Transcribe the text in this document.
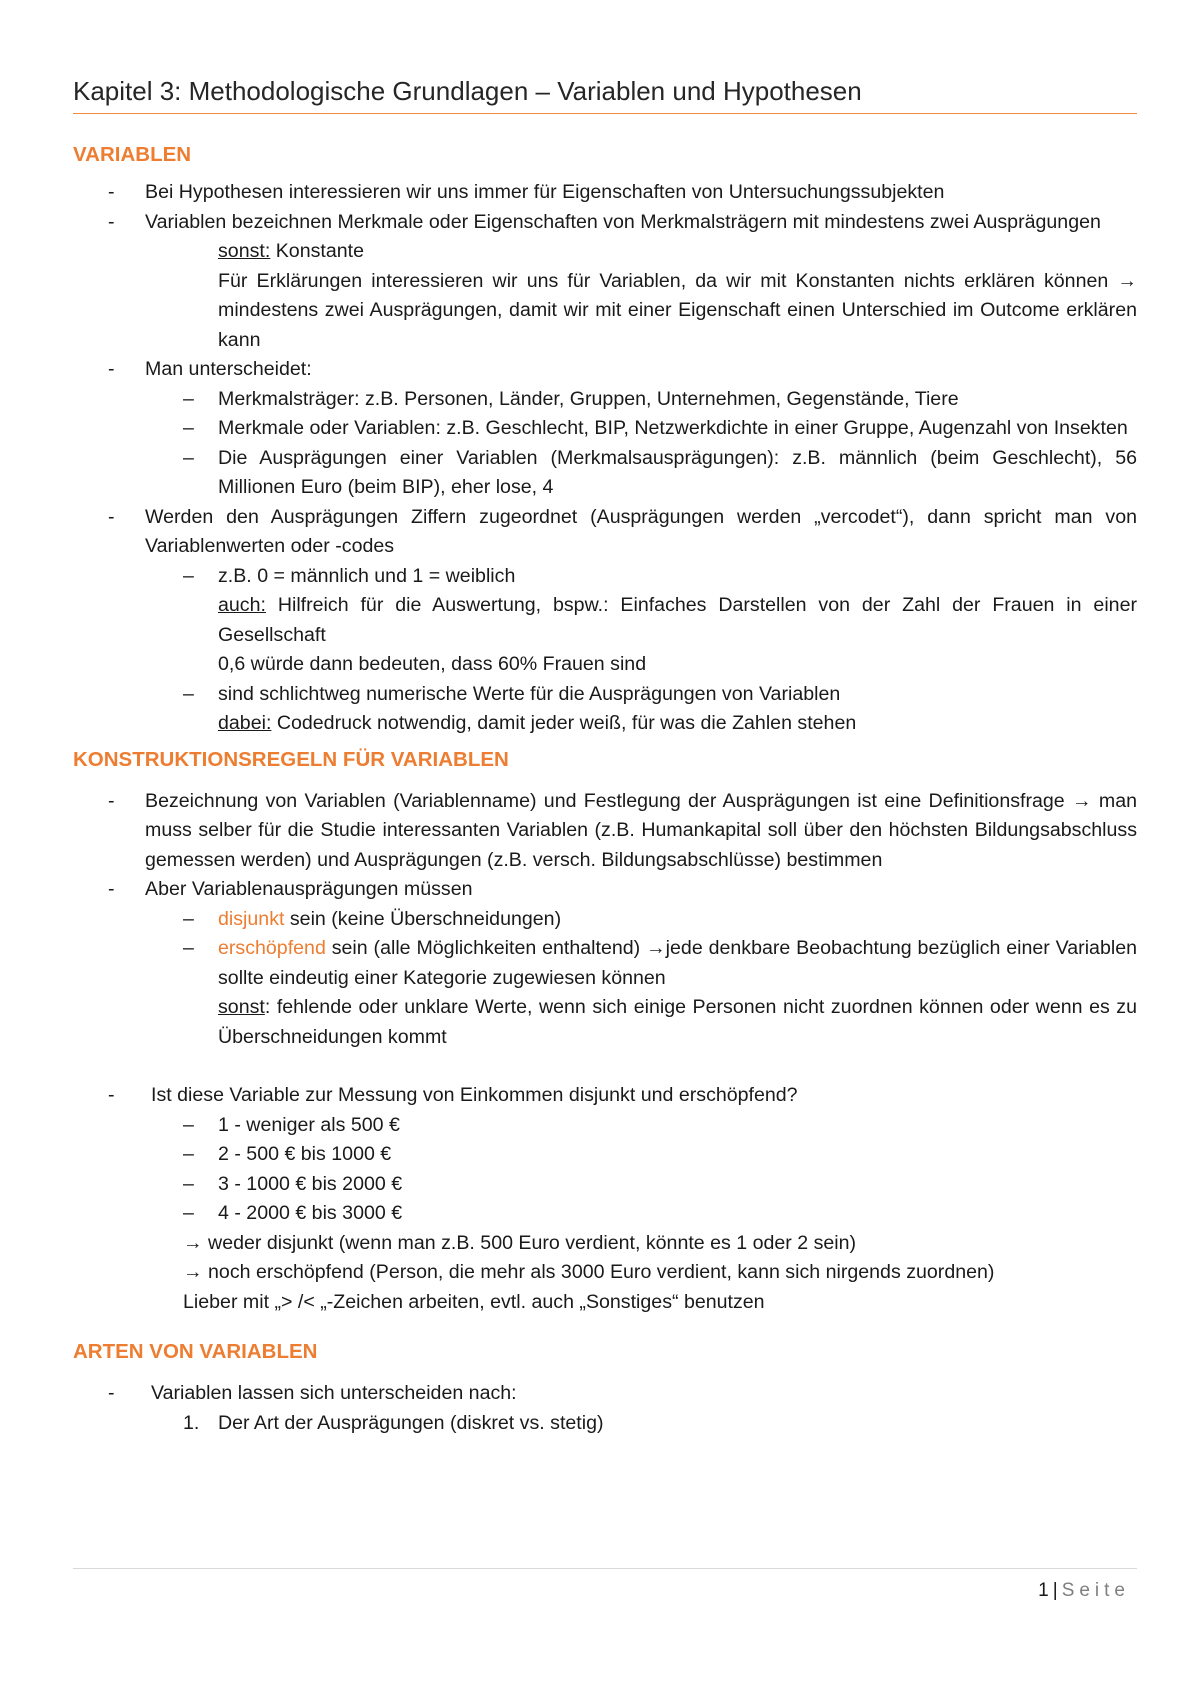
Kapitel 3: Methodologische Grundlagen – Variablen und Hypothesen
VARIABLEN
- Bei Hypothesen interessieren wir uns immer für Eigenschaften von Untersuchungssubjekten
- Variablen bezeichnen Merkmale oder Eigenschaften von Merkmalsträgern mit mindestens zwei Ausprägungen
sonst: Konstante
Für Erklärungen interessieren wir uns für Variablen, da wir mit Konstanten nichts erklären können → mindestens zwei Ausprägungen, damit wir mit einer Eigenschaft einen Unterschied im Outcome erklären kann
- Man unterscheidet:
– Merkmalsträger: z.B. Personen, Länder, Gruppen, Unternehmen, Gegenstände, Tiere
– Merkmale oder Variablen: z.B. Geschlecht, BIP, Netzwerkdichte in einer Gruppe, Augenzahl von Insekten
– Die Ausprägungen einer Variablen (Merkmalsausprägungen): z.B. männlich (beim Geschlecht), 56 Millionen Euro (beim BIP), eher lose, 4
- Werden den Ausprägungen Ziffern zugeordnet (Ausprägungen werden „vercodet“), dann spricht man von Variablenwerten oder -codes
– z.B. 0 = männlich und 1 = weiblich
auch: Hilfreich für die Auswertung, bspw.: Einfaches Darstellen von der Zahl der Frauen in einer Gesellschaft
0,6 würde dann bedeuten, dass 60% Frauen sind
– sind schlichtweg numerische Werte für die Ausprägungen von Variablen
dabei: Codedruck notwendig, damit jeder weiß, für was die Zahlen stehen
KONSTRUKTIONSREGELN FÜR VARIABLEN
- Bezeichnung von Variablen (Variablenname) und Festlegung der Ausprägungen ist eine Definitionsfrage → man muss selber für die Studie interessanten Variablen (z.B. Humankapital soll über den höchsten Bildungsabschluss gemessen werden) und Ausprägungen (z.B. versch. Bildungsabschlüsse) bestimmen
- Aber Variablenausprägungen müssen
– disjunkt sein (keine Überschneidungen)
– erschöpfend sein (alle Möglichkeiten enthaltend) →jede denkbare Beobachtung bezüglich einer Variablen sollte eindeutig einer Kategorie zugewiesen können
sonst: fehlende oder unklare Werte, wenn sich einige Personen nicht zuordnen können oder wenn es zu Überschneidungen kommt
- Ist diese Variable zur Messung von Einkommen disjunkt und erschöpfend?
– 1 - weniger als 500 €
– 2 - 500 € bis 1000 €
– 3 - 1000 € bis 2000 €
– 4 - 2000 € bis 3000 €
→ weder disjunkt (wenn man z.B. 500 Euro verdient, könnte es 1 oder 2 sein)
→ noch erschöpfend (Person, die mehr als 3000 Euro verdient, kann sich nirgends zuordnen)
Lieber mit „> /< „-Zeichen arbeiten, evtl. auch „Sonstiges“ benutzen
ARTEN VON VARIABLEN
- Variablen lassen sich unterscheiden nach:
1. Der Art der Ausprägungen (diskret vs. stetig)
1 | Seite
